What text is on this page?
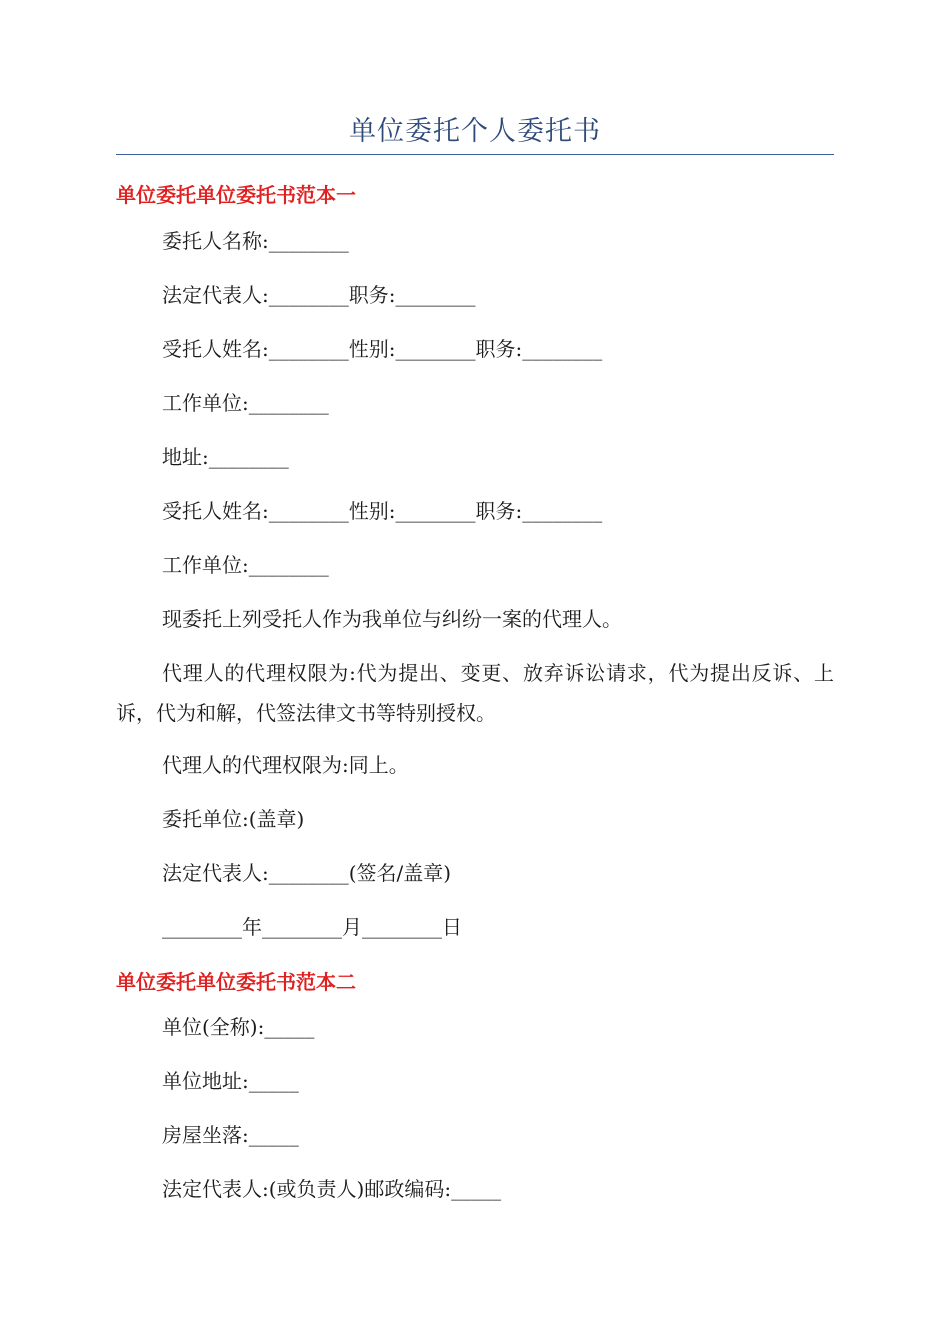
单位委托个人委托书
单位委托单位委托书范本一

委托人名称:________

法定代表人:________职务:________

受托人姓名:________性别:________职务:________

工作单位:________

地址:________

受托人姓名:________性别:________职务:________

工作单位:________

现委托上列受托人作为我单位与纠纷一案的代理人。

代理人的代理权限为:代为提出、变更、放弃诉讼请求，代为提出反诉、上诉，代为和解，代签法律文书等特别授权。

代理人的代理权限为:同上。

委托单位:(盖章)

法定代表人:________(签名/盖章)

________年________月________日

单位委托单位委托书范本二

单位(全称):_____

单位地址:_____

房屋坐落:_____

法定代表人:(或负责人)邮政编码:_____
